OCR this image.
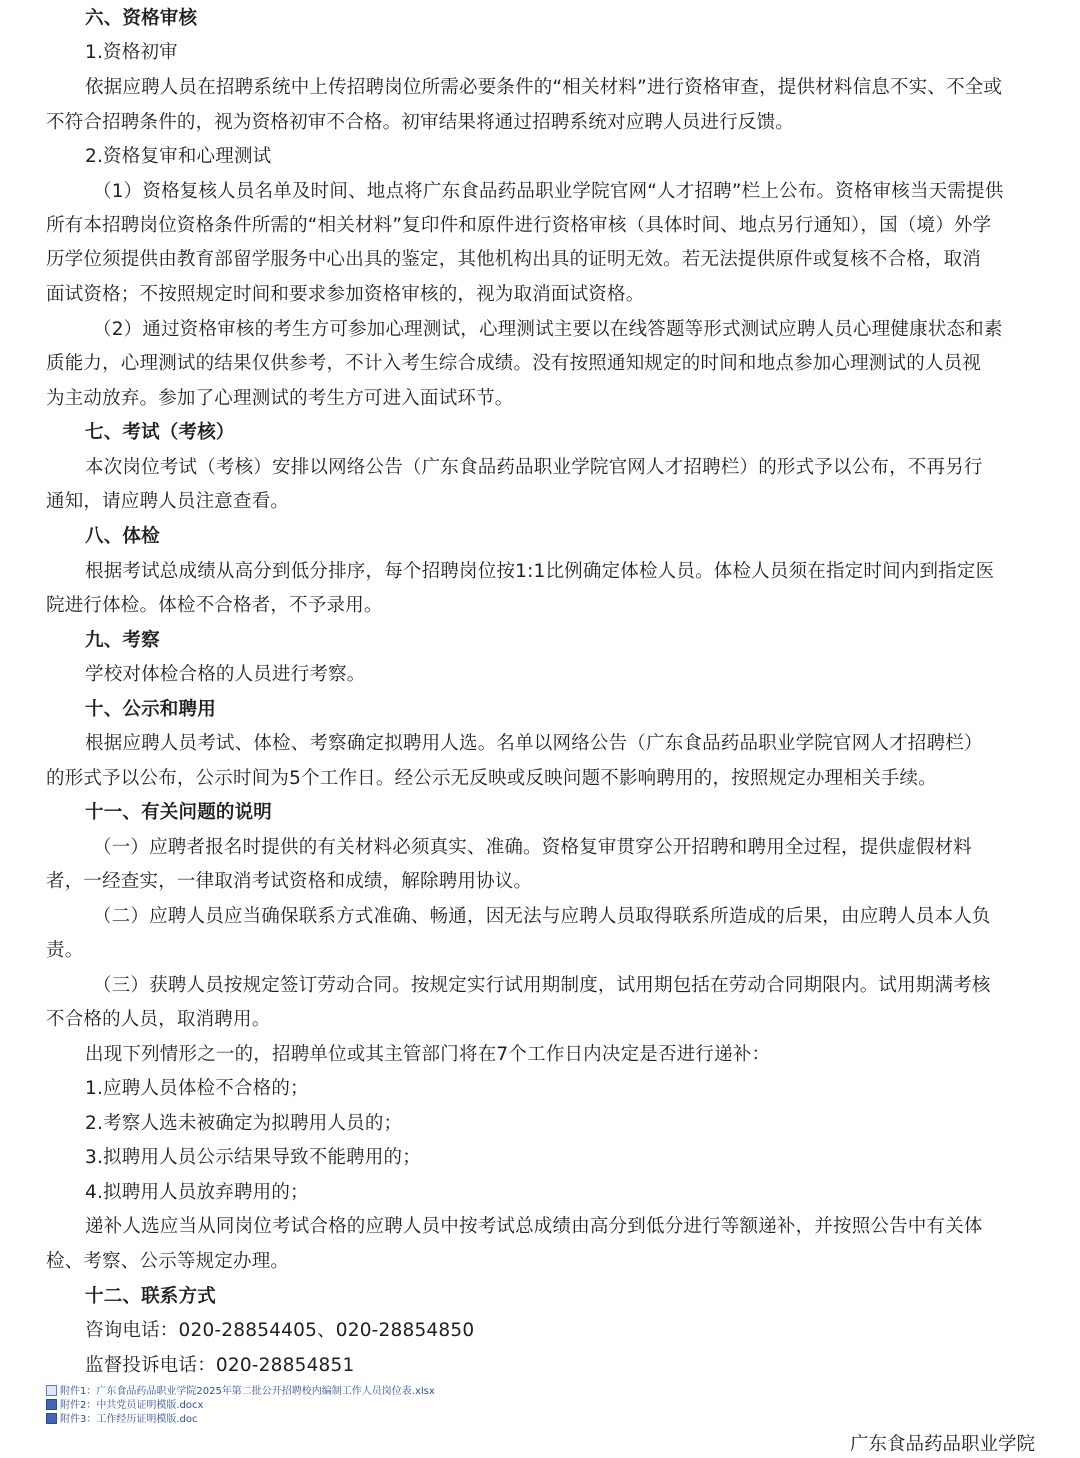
六、资格审核
1.资格初审
依据应聘人员在招聘系统中上传招聘岗位所需必要条件的“相关材料”进行资格审查，提供材料信息不实、不全或
不符合招聘条件的，视为资格初审不合格。初审结果将通过招聘系统对应聘人员进行反馈。
2.资格复审和心理测试
（1）资格复核人员名单及时间、地点将广东食品药品职业学院官网“人才招聘”栏上公布。资格审核当天需提供
所有本招聘岗位资格条件所需的“相关材料”复印件和原件进行资格审核（具体时间、地点另行通知），国（境）外学
历学位须提供由教育部留学服务中心出具的鉴定，其他机构出具的证明无效。若无法提供原件或复核不合格，取消
面试资格；不按照规定时间和要求参加资格审核的，视为取消面试资格。
（2）通过资格审核的考生方可参加心理测试，心理测试主要以在线答题等形式测试应聘人员心理健康状态和素
质能力，心理测试的结果仅供参考，不计入考生综合成绩。没有按照通知规定的时间和地点参加心理测试的人员视
为主动放弃。参加了心理测试的考生方可进入面试环节。
七、考试（考核）
本次岗位考试（考核）安排以网络公告（广东食品药品职业学院官网人才招聘栏）的形式予以公布，不再另行
通知，请应聘人员注意查看。
八、体检
根据考试总成绩从高分到低分排序，每个招聘岗位按1:1比例确定体检人员。体检人员须在指定时间内到指定医
院进行体检。体检不合格者，不予录用。
九、考察
学校对体检合格的人员进行考察。
十、公示和聘用
根据应聘人员考试、体检、考察确定拟聘用人选。名单以网络公告（广东食品药品职业学院官网人才招聘栏）
的形式予以公布，公示时间为5个工作日。经公示无反映或反映问题不影响聘用的，按照规定办理相关手续。
十一、有关问题的说明
（一）应聘者报名时提供的有关材料必须真实、准确。资格复审贯穿公开招聘和聘用全过程，提供虚假材料
者，一经查实，一律取消考试资格和成绩，解除聘用协议。
（二）应聘人员应当确保联系方式准确、畅通，因无法与应聘人员取得联系所造成的后果，由应聘人员本人负
责。
（三）获聘人员按规定签订劳动合同。按规定实行试用期制度，试用期包括在劳动合同期限内。试用期满考核
不合格的人员，取消聘用。
出现下列情形之一的，招聘单位或其主管部门将在7个工作日内决定是否进行递补：
1.应聘人员体检不合格的；
2.考察人选未被确定为拟聘用人员的；
3.拟聘用人员公示结果导致不能聘用的；
4.拟聘用人员放弃聘用的；
递补人选应当从同岗位考试合格的应聘人员中按考试总成绩由高分到低分进行等额递补，并按照公告中有关体
检、考察、公示等规定办理。
十二、联系方式
咨询电话：020-28854405、020-28854850
监督投诉电话：020-28854851
附件1：广东食品药品职业学院2025年第二批公开招聘校内编制工作人员岗位表.xlsx
附件2：中共党员证明模版.docx
附件3：工作经历证明模版.doc
广东食品药品职业学院
